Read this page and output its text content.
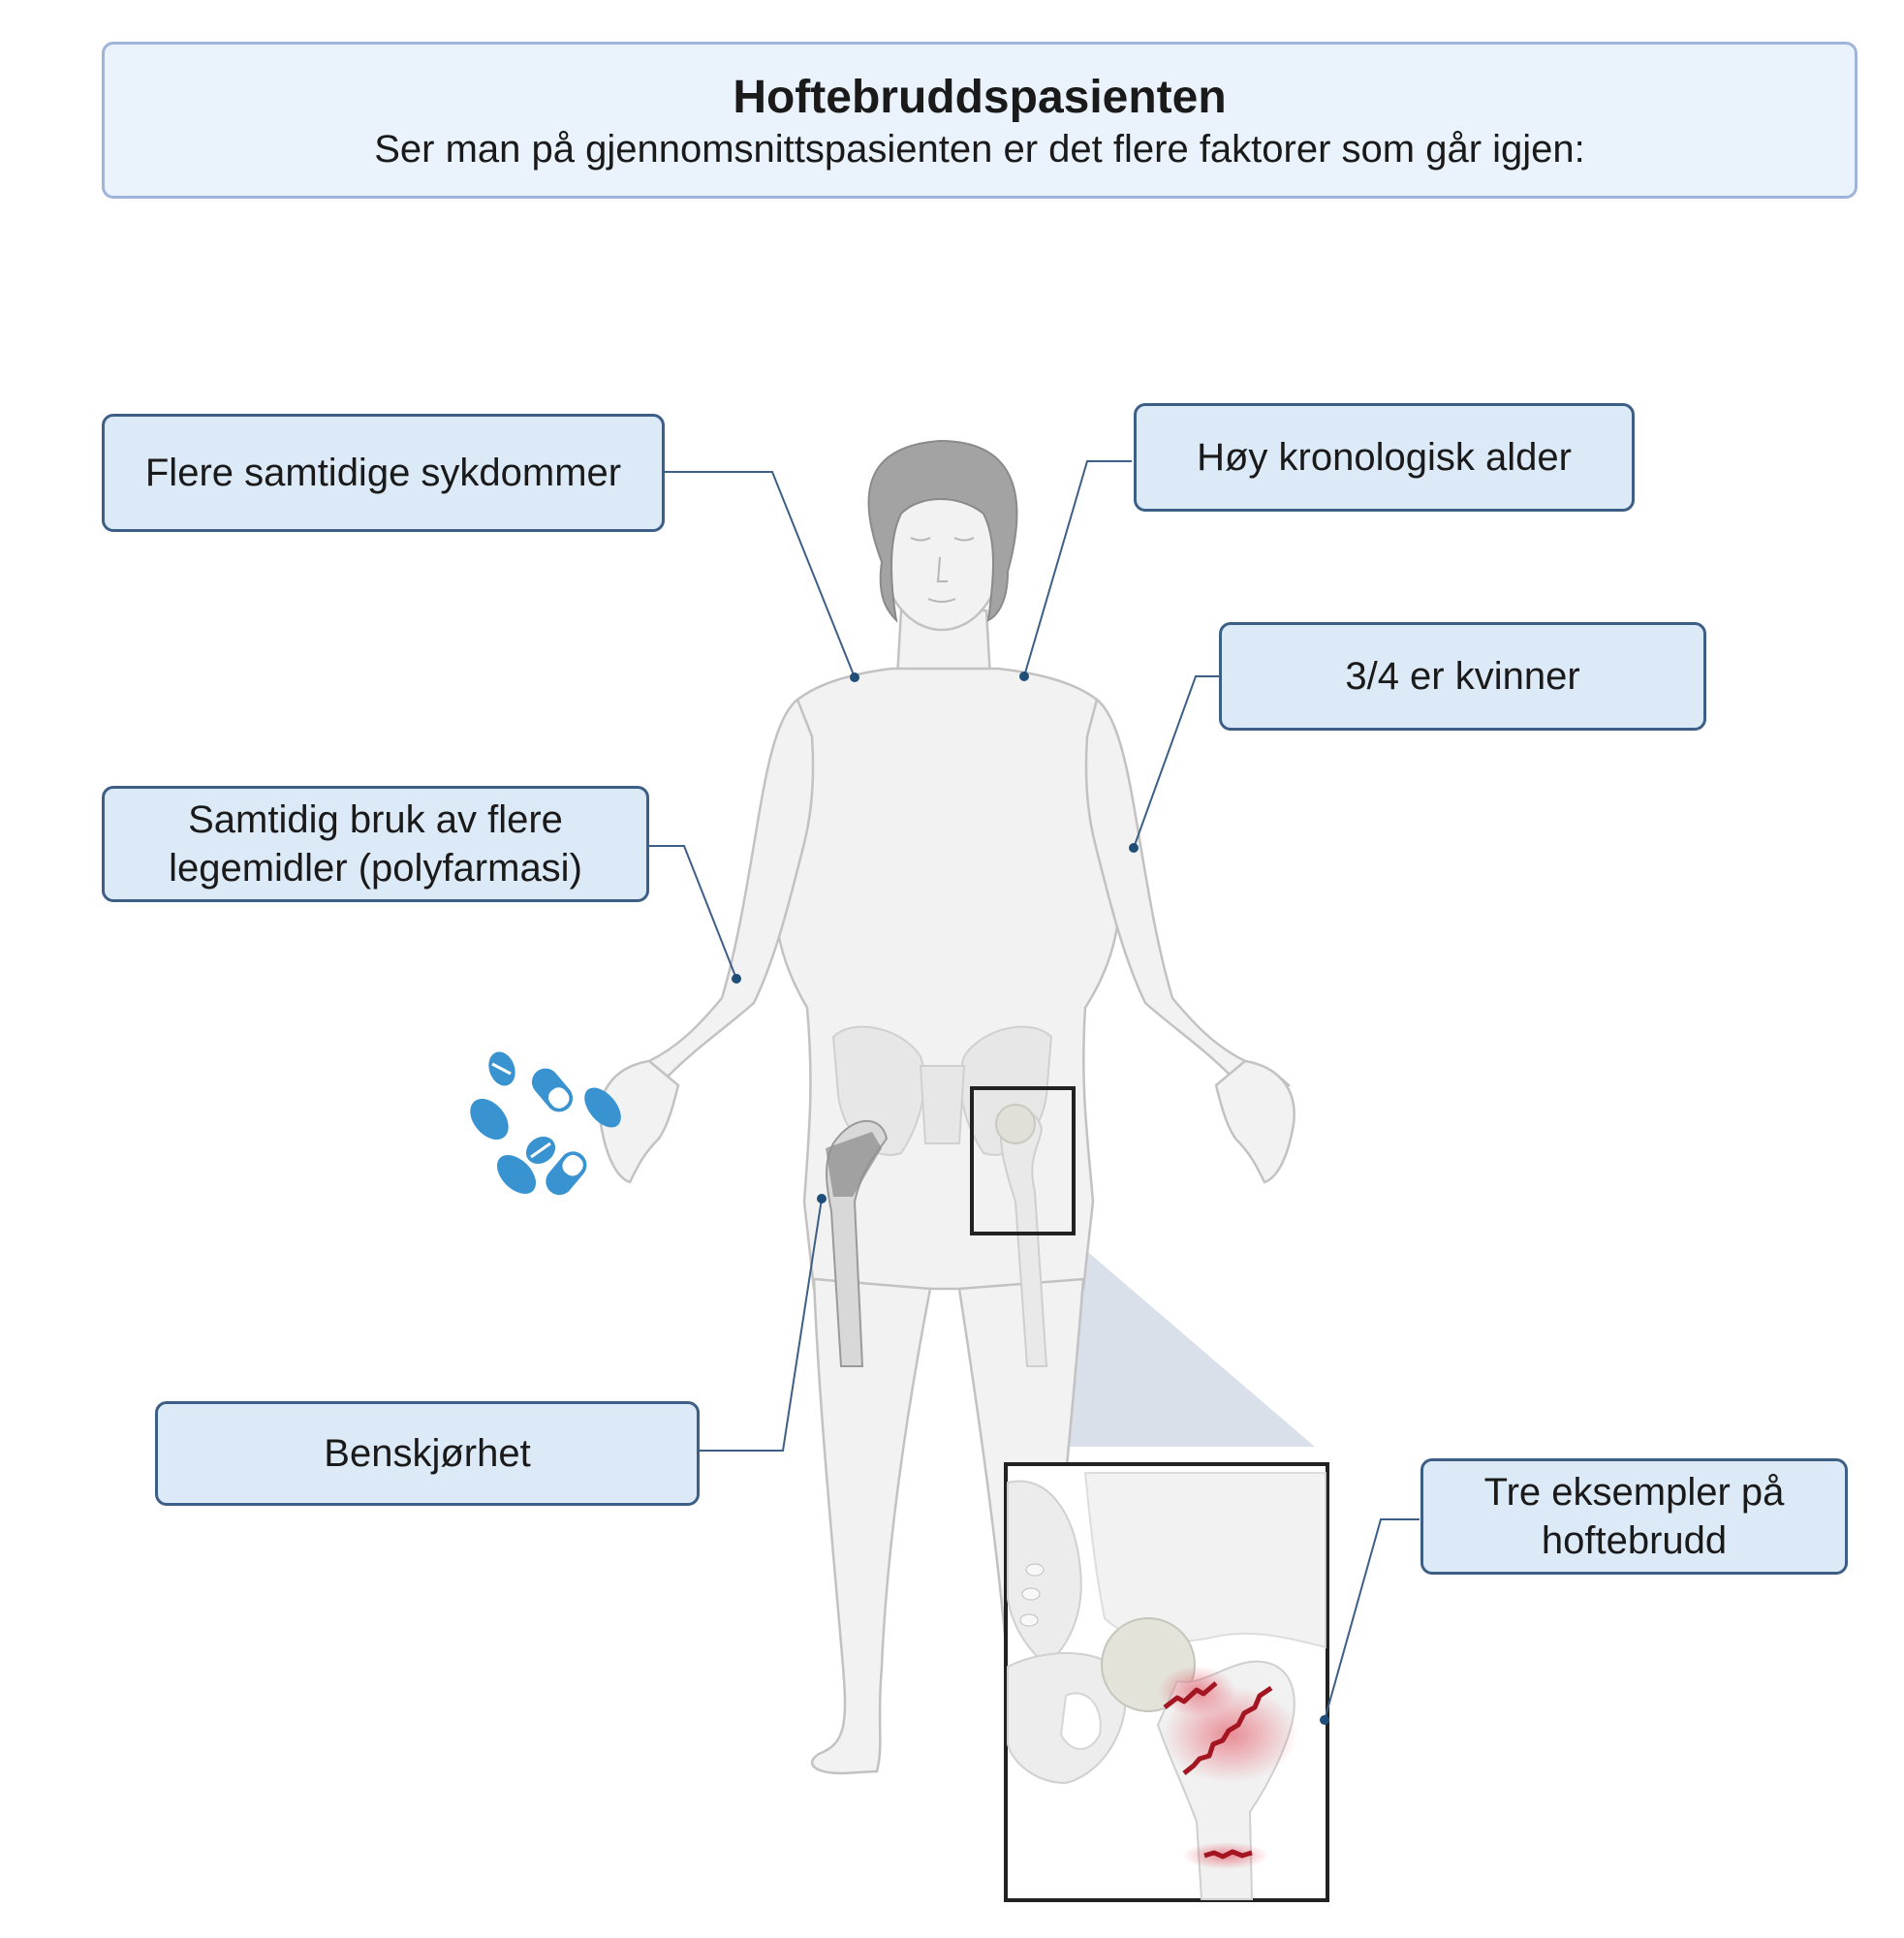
Hoftebruddspasienten
Ser man på gjennomsnittspasienten er det flere faktorer som går igjen:
Flere samtidige sykdommer	Høy kronologisk alder
3/4 er kvinner
Samtidig bruk av flere legemidler (polyfarmasi)
Benskjørhet
Tre eksempler på hoftebrudd
